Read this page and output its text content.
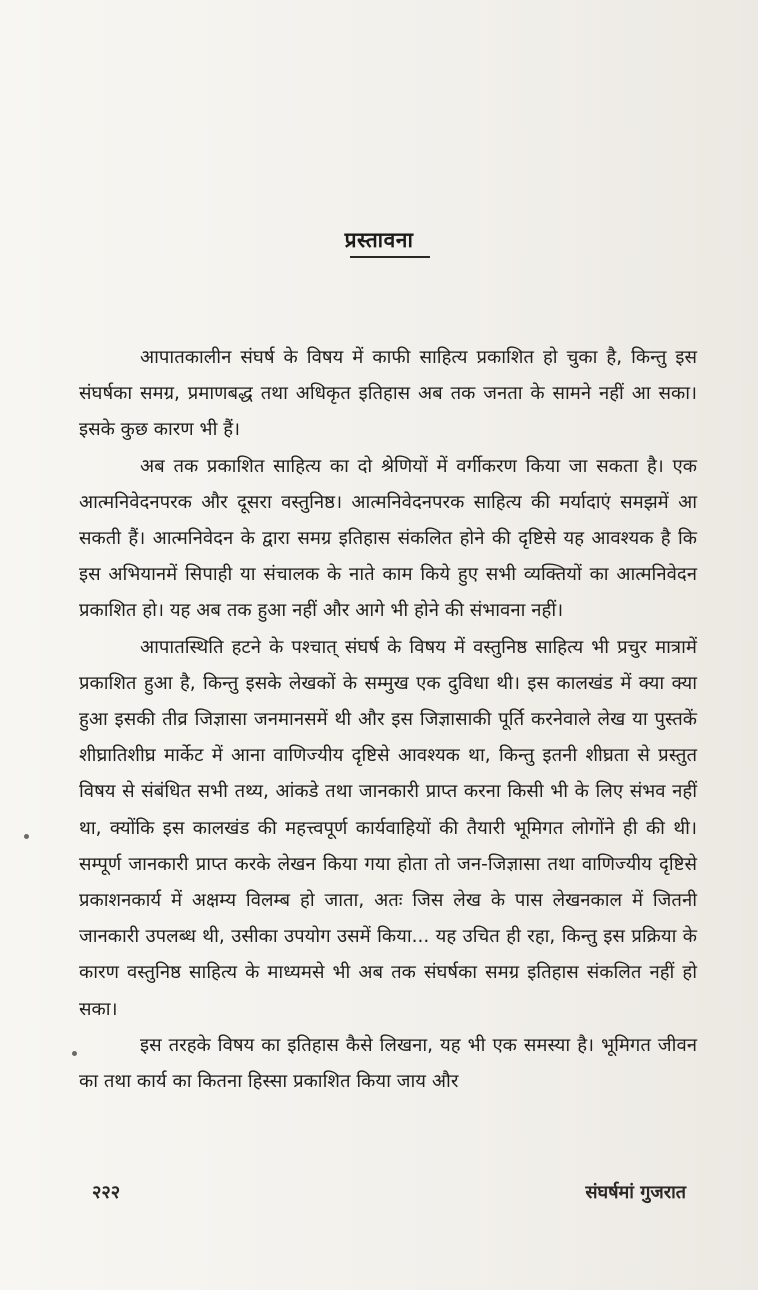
प्रस्तावना

आपातकालीन संघर्ष के विषय में काफी साहित्य प्रकाशित हो चुका है, किन्तु इस संघर्षका समग्र, प्रमाणबद्ध तथा अधिकृत इतिहास अब तक जनता के सामने नहीं आ सका। इसके कुछ कारण भी हैं।

अब तक प्रकाशित साहित्य का दो श्रेणियों में वर्गीकरण किया जा सकता है। एक आत्मनिवेदनपरक और दूसरा वस्तुनिष्ठ। आत्मनिवेदनपरक साहित्य की मर्यादाएं समझमें आ सकती हैं। आत्मनिवेदन के द्वारा समग्र इतिहास संकलित होने की दृष्टिसे यह आवश्यक है कि इस अभियानमें सिपाही या संचालक के नाते काम किये हुए सभी व्यक्तियों का आत्मनिवेदन प्रकाशित हो। यह अब तक हुआ नहीं और आगे भी होने की संभावना नहीं।

आपातस्थिति हटने के पश्चात् संघर्ष के विषय में वस्तुनिष्ठ साहित्य भी प्रचुर मात्रामें प्रकाशित हुआ है, किन्तु इसके लेखकों के सम्मुख एक दुविधा थी। इस कालखंड में क्या क्या हुआ इसकी तीव्र जिज्ञासा जनमानसमें थी और इस जिज्ञासाकी पूर्ति करनेवाले लेख या पुस्तकें शीघ्रातिशीघ्र मार्केट में आना वाणिज्यीय दृष्टिसे आवश्यक था, किन्तु इतनी शीघ्रता से प्रस्तुत विषय से संबंधित सभी तथ्य, आंकडे तथा जानकारी प्राप्त करना किसी भी के लिए संभव नहीं था, क्योंकि इस कालखंड की महत्त्वपूर्ण कार्यवाहियों की तैयारी भूमिगत लोगोंने ही की थी। सम्पूर्ण जानकारी प्राप्त करके लेखन किया गया होता तो जन-जिज्ञासा तथा वाणिज्यीय दृष्टिसे प्रकाशनकार्य में अक्षम्य विलम्ब हो जाता, अतः जिस लेख के पास लेखनकाल में जितनी जानकारी उपलब्ध थी, उसीका उपयोग उसमें किया... यह उचित ही रहा, किन्तु इस प्रक्रिया के कारण वस्तुनिष्ठ साहित्य के माध्यमसे भी अब तक संघर्षका समग्र इतिहास संकलित नहीं हो सका।

इस तरहके विषय का इतिहास कैसे लिखना, यह भी एक समस्या है। भूमिगत जीवन का तथा कार्य का कितना हिस्सा प्रकाशित किया जाय और

२२२	संघर्षमां गुजरात
